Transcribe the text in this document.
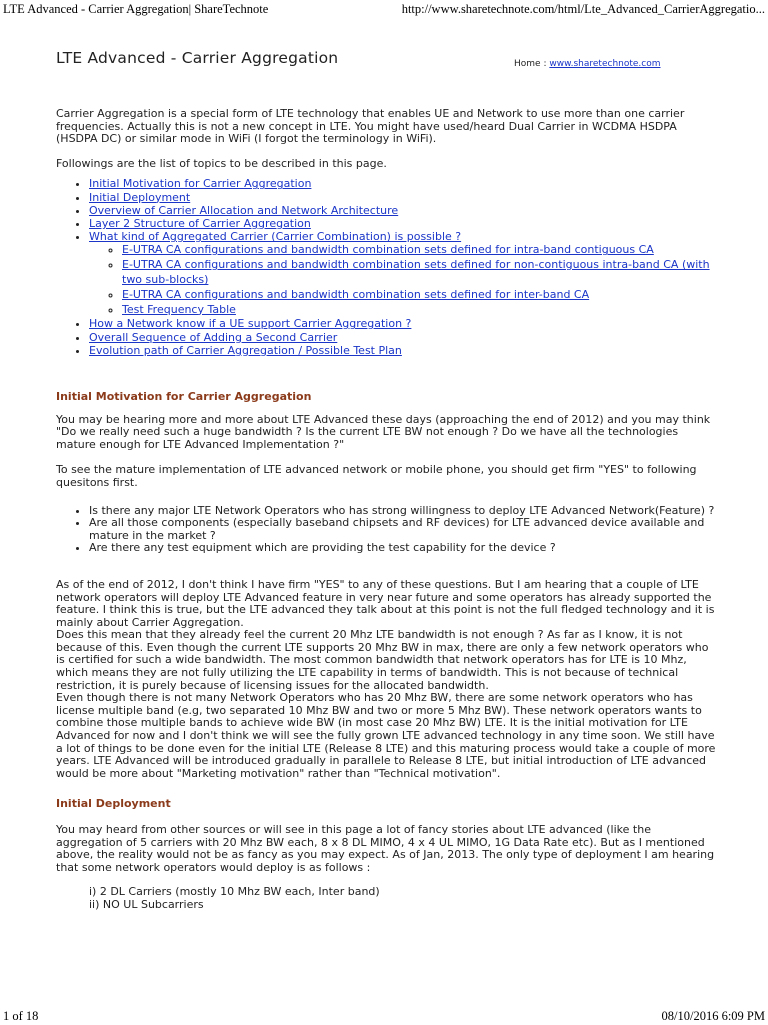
LTE Advanced - Carrier Aggregation| ShareTechnote	http://www.sharetechnote.com/html/Lte_Advanced_CarrierAggregatio...
LTE Advanced - Carrier Aggregation	Home : www.sharetechnote.com

Carrier Aggregation is a special form of LTE technology that enables UE and Network to use more than one carrier frequencies. Actually this is not a new concept in LTE. You might have used/heard Dual Carrier in WCDMA HSDPA (HSDPA DC) or similar mode in WiFi (I forgot the terminology in WiFi).

Followings are the list of topics to be described in this page.

• Initial Motivation for Carrier Aggregation
• Initial Deployment
• Overview of Carrier Allocation and Network Architecture
• Layer 2 Structure of Carrier Aggregation
• What kind of Aggregated Carrier (Carrier Combination) is possible ?
◦ E-UTRA CA configurations and bandwidth combination sets defined for intra-band contiguous CA
◦ E-UTRA CA configurations and bandwidth combination sets defined for non-contiguous intra-band CA (with two sub-blocks)
◦ E-UTRA CA configurations and bandwidth combination sets defined for inter-band CA
◦ Test Frequency Table
• How a Network know if a UE support Carrier Aggregation ?
• Overall Sequence of Adding a Second Carrier
• Evolution path of Carrier Aggregation / Possible Test Plan
Initial Motivation for Carrier Aggregation

You may be hearing more and more about LTE Advanced these days (approaching the end of 2012) and you may think "Do we really need such a huge bandwidth ? Is the current LTE BW not enough ? Do we have all the technologies mature enough for LTE Advanced Implementation ?"

To see the mature implementation of LTE advanced network or mobile phone, you should get firm "YES" to following quesitons first.

• Is there any major LTE Network Operators who has strong willingness to deploy LTE Advanced Network(Feature) ?
• Are all those components (especially baseband chipsets and RF devices) for LTE advanced device available and mature in the market ?
• Are there any test equipment which are providing the test capability for the device ?

As of the end of 2012, I don't think I have firm "YES" to any of these questions. But I am hearing that a couple of LTE network operators will deploy LTE Advanced feature in very near future and some operators has already supported the feature. I think this is true, but the LTE advanced they talk about at this point is not the full fledged technology and it is mainly about Carrier Aggregation.

Does this mean that they already feel the current 20 Mhz LTE bandwidth is not enough ? As far as I know, it is not because of this. Even though the current LTE supports 20 Mhz BW in max, there are only a few network operators who is certified for such a wide bandwidth. The most common bandwidth that network operators has for LTE is 10 Mhz, which means they are not fully utilizing the LTE capability in terms of bandwidth. This is not because of technical restriction, it is purely because of licensing issues for the allocated bandwidth.

Even though there is not many Network Operators who has 20 Mhz BW, there are some network operators who has license multiple band (e.g, two separated 10 Mhz BW and two or more 5 Mhz BW). These network operators wants to combine those multiple bands to achieve wide BW (in most case 20 Mhz BW) LTE. It is the initial motivation for LTE Advanced for now and I don't think we will see the fully grown LTE advanced technology in any time soon. We still have a lot of things to be done even for the initial LTE (Release 8 LTE) and this maturing process would take a couple of more years. LTE Advanced will be introduced gradually in parallele to Release 8 LTE, but initial introduction of LTE advanced would be more about "Marketing motivation" rather than "Technical motivation".

Initial Deployment

You may heard from other sources or will see in this page a lot of fancy stories about LTE advanced (like the aggregation of 5 carriers with 20 Mhz BW each, 8 x 8 DL MIMO, 4 x 4 UL MIMO, 1G Data Rate etc). But as I mentioned above, the reality would not be as fancy as you may expect. As of Jan, 2013. The only type of deployment I am hearing that some network operators would deploy is as follows :

i) 2 DL Carriers (mostly 10 Mhz BW each, Inter band)
ii) NO UL Subcarriers
1 of 18	08/10/2016 6:09 PM
